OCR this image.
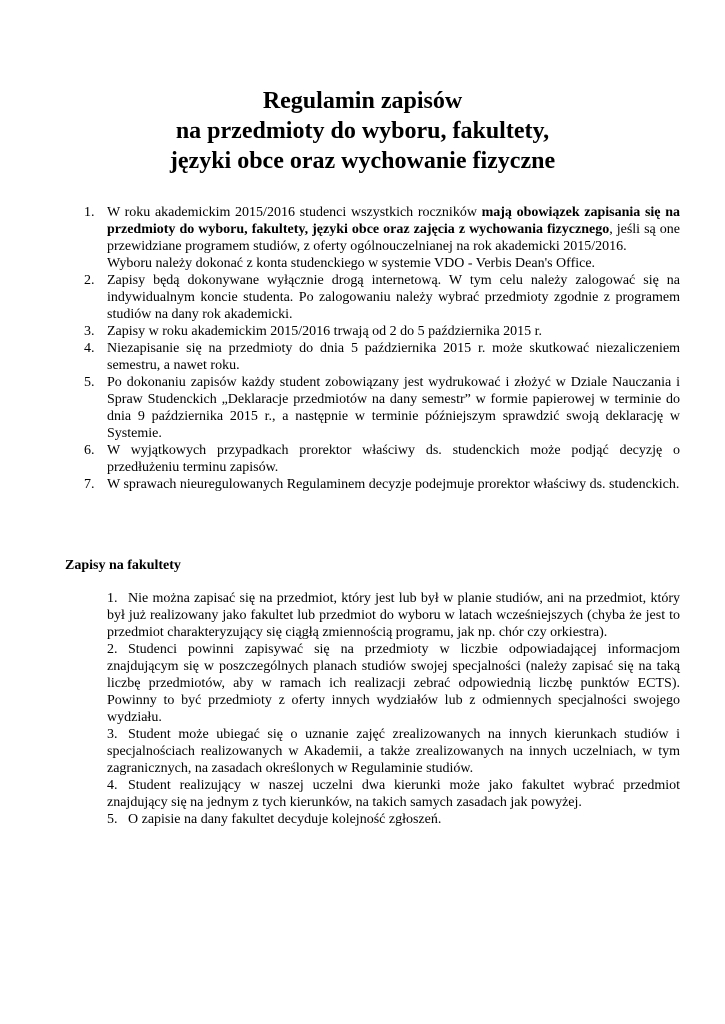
Regulamin zapisów
na przedmioty do wyboru, fakultety,
języki obce oraz wychowanie fizyczne
1. W roku akademickim 2015/2016 studenci wszystkich roczników mają obowiązek zapisania się na przedmioty do wyboru, fakultety, języki obce oraz zajęcia z wychowania fizycznego, jeśli są one przewidziane programem studiów, z oferty ogólnouczelnianej na rok akademicki 2015/2016.

Wyboru należy dokonać z konta studenckiego w systemie VDO - Verbis Dean's Office.

2. Zapisy będą dokonywane wyłącznie drogą internetową. W tym celu należy zalogować się na indywidualnym koncie studenta. Po zalogowaniu należy wybrać przedmioty zgodnie z programem studiów na dany rok akademicki.

3. Zapisy w roku akademickim 2015/2016 trwają od 2 do 5 października 2015 r.

4. Niezapisanie się na przedmioty do dnia 5 października 2015 r. może skutkować niezaliczeniem semestru, a nawet roku.

5. Po dokonaniu zapisów każdy student zobowiązany jest wydrukować i złożyć w Dziale Nauczania i Spraw Studenckich „Deklaracje przedmiotów na dany semestr” w formie papierowej w terminie do dnia 9 października 2015 r., a następnie w terminie późniejszym sprawdzić swoją deklarację w Systemie.

6. W wyjątkowych przypadkach prorektor właściwy ds. studenckich może podjąć decyzję o przedłużeniu terminu zapisów.

7. W sprawach nieuregulowanych Regulaminem decyzje podejmuje prorektor właściwy ds. studenckich.

Zapisy na fakultety

1. Nie można zapisać się na przedmiot, który jest lub był w planie studiów, ani na przedmiot, który był już realizowany jako fakultet lub przedmiot do wyboru w latach wcześniejszych (chyba że jest to przedmiot charakteryzujący się ciągłą zmiennością programu, jak np. chór czy orkiestra).

2. Studenci powinni zapisywać się na przedmioty w liczbie odpowiadającej informacjom znajdującym się w poszczególnych planach studiów swojej specjalności (należy zapisać się na taką liczbę przedmiotów, aby w ramach ich realizacji zebrać odpowiednią liczbę punktów ECTS). Powinny to być przedmioty z oferty innych wydziałów lub z odmiennych specjalności swojego wydziału.

3. Student może ubiegać się o uznanie zajęć zrealizowanych na innych kierunkach studiów i specjalnościach realizowanych w Akademii, a także zrealizowanych na innych uczelniach, w tym zagranicznych, na zasadach określonych w Regulaminie studiów.

4. Student realizujący w naszej uczelni dwa kierunki może jako fakultet wybrać przedmiot znajdujący się na jednym z tych kierunków, na takich samych zasadach jak powyżej.

5. O zapisie na dany fakultet decyduje kolejność zgłoszeń.
